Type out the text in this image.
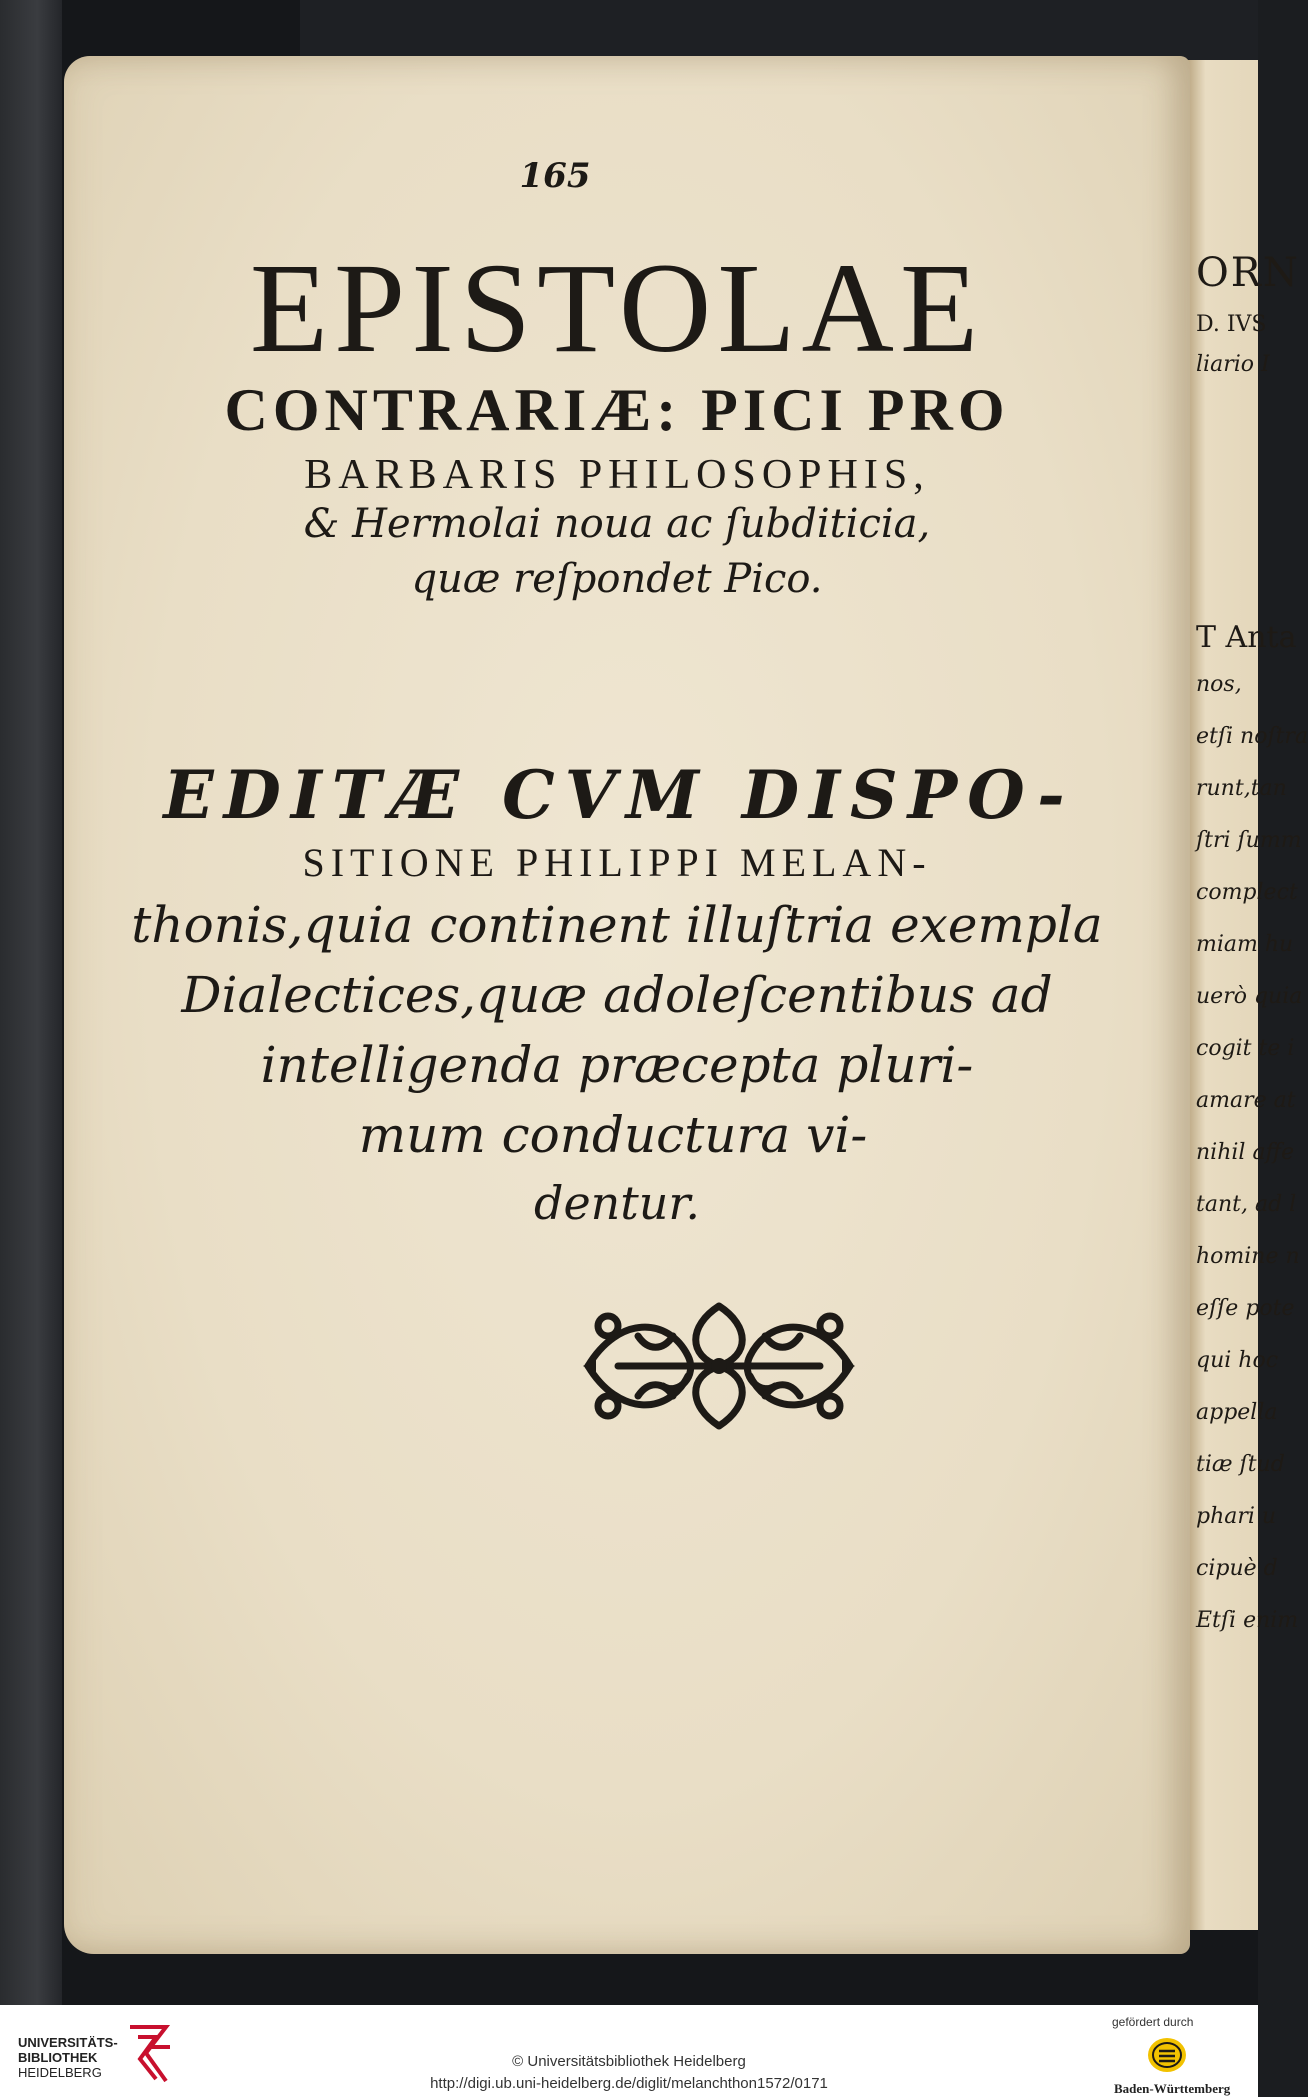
ORN
D. IVS
liario I
T Anta
nos,
etſi noſtra
runt,tan
ſtri ſumm
complect
miam hu
uerò quia
cogit te i
amare at
nihil affe
tant, ad l
homine n
eſſe pote
qui hoc
appella
tiæ ſtud
phari u
cipuè d
Etſi enim
165
EPISTOLAE
CONTRARIÆ: PICI PRO
BARBARIS PHILOSOPHIS,
& Hermolai noua ac ſubditicia,
quæ reſpondet Pico.
EDITÆ CVM DISPO-
SITIONE PHILIPPI MELAN-
thonis,quia continent illuſtria exempla
Dialectices,quæ adoleſcentibus ad
intelligenda præcepta pluri-
mum conductura vi-
dentur.
UNIVERSITÄTS-
BIBLIOTHEK
HEIDELBERG
© Universitätsbibliothek Heidelberg
http://digi.ub.uni-heidelberg.de/diglit/melanchthon1572/0171
gefördert durch
Baden-Württemberg
